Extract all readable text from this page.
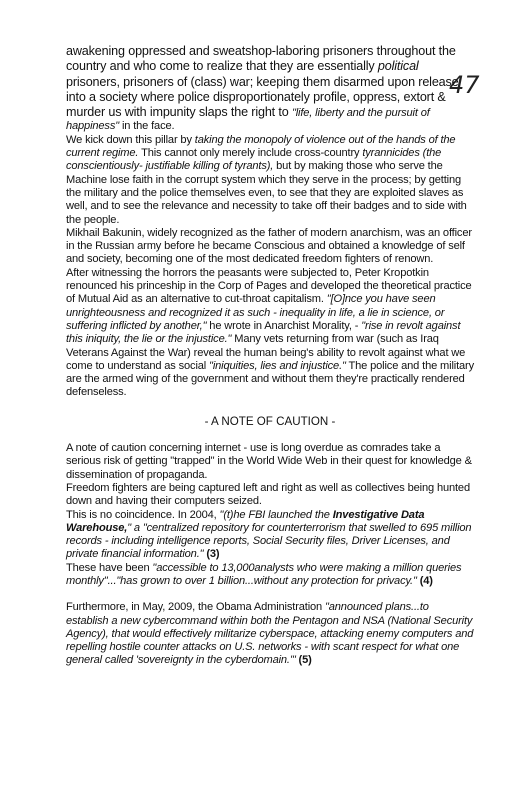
47

awakening oppressed and sweatshop-laboring prisoners throughout the country and who come to realize that they are essentially political prisoners, prisoners of (class) war; keeping them disarmed upon release into a society where police disproportionately profile, oppress, extort & murder us with impunity slaps the right to "life, liberty and the pursuit of happiness" in the face.

We kick down this pillar by taking the monopoly of violence out of the hands of the current regime. This cannot only merely include cross-country tyrannicides (the conscientiously- justifiable killing of tyrants), but by making those who serve the Machine lose faith in the corrupt system which they serve in the process; by getting the military and the police themselves even, to see that they are exploited slaves as well, and to see the relevance and necessity to take off their badges and to side with the people.

Mikhail Bakunin, widely recognized as the father of modern anarchism, was an officer in the Russian army before he became Conscious and obtained a knowledge of self and society, becoming one of the most dedicated freedom fighters of renown.

After witnessing the horrors the peasants were subjected to, Peter Kropotkin renounced his princeship in the Corp of Pages and developed the theoretical practice of Mutual Aid as an alternative to cut-throat capitalism. "[O]nce you have seen unrighteousness and recognized it as such - inequality in life, a lie in science, or suffering inflicted by another," he wrote in Anarchist Morality, - "rise in revolt against this iniquity, the lie or the injustice." Many vets returning from war (such as Iraq Veterans Against the War) reveal the human being's ability to revolt against what we come to understand as social "iniquities, lies and injustice." The police and the military are the armed wing of the government and without them they're practically rendered defenseless.

- A NOTE OF CAUTION -

A note of caution concerning internet - use is long overdue as comrades take a serious risk of getting "trapped" in the World Wide Web in their quest for knowledge & dissemination of propaganda.

Freedom fighters are being captured left and right as well as collectives being hunted down and having their computers seized.

This is no coincidence. In 2004, "(t)he FBI launched the Investigative Data Warehouse," a "centralized repository for counterterrorism that swelled to 695 million records - including intelligence reports, Social Security files, Driver Licenses, and private financial information." (3)

These have been "accessible to 13,000analysts who were making a million queries monthly"..."has grown to over 1 billion...without any protection for privacy." (4)

Furthermore, in May, 2009, the Obama Administration "announced plans...to establish a new cybercommand within both the Pentagon and NSA (National Security Agency), that would effectively militarize cyberspace, attacking enemy computers and repelling hostile counter attacks on U.S. networks - with scant respect for what one general called 'sovereignty in the cyberdomain.'" (5)
